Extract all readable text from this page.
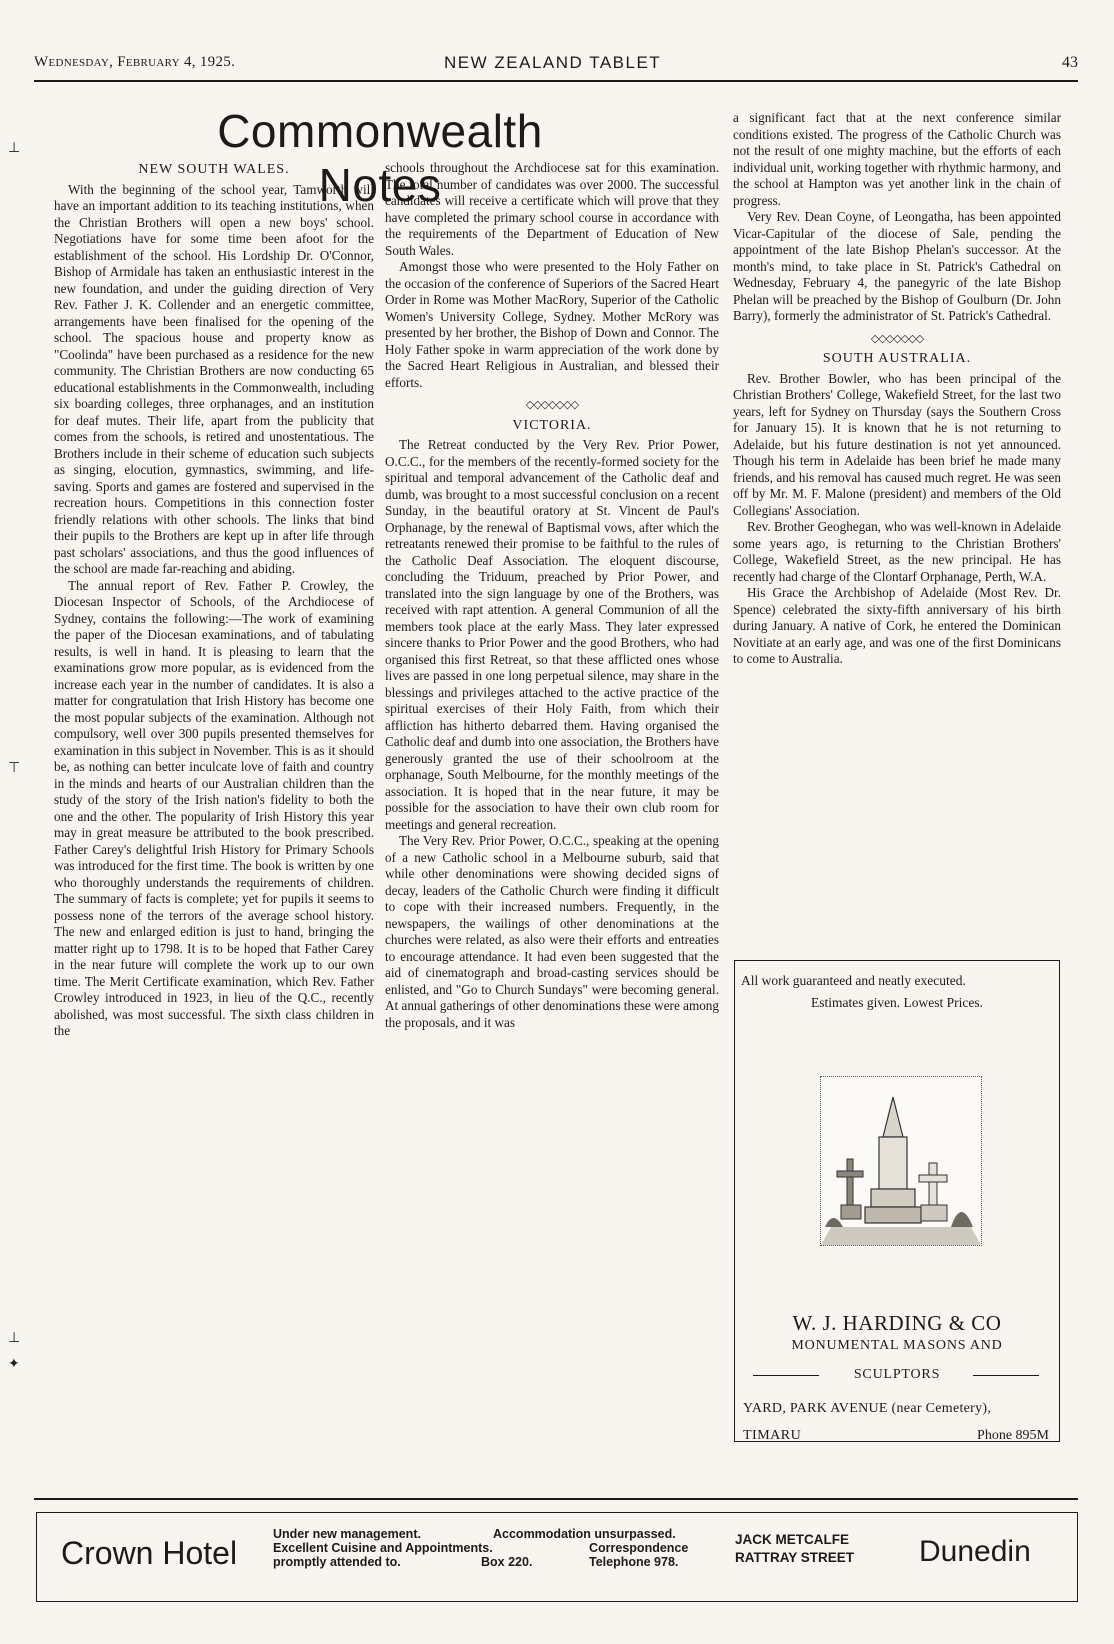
Wednesday, February 4, 1925.	NEW ZEALAND TABLET	43
Commonwealth Notes
⊥
⊤
⊥
✦
NEW SOUTH WALES.

With the beginning of the school year, Tamworth will have an important addition to its teaching institutions, when the Christian Brothers will open a new boys' school. Negotiations have for some time been afoot for the establishment of the school. His Lordship Dr. O'Connor, Bishop of Armidale has taken an enthusiastic interest in the new foundation, and under the guiding direction of Very Rev. Father J. K. Collender and an energetic committee, arrangements have been finalised for the opening of the school. The spacious house and property know as "Coolinda" have been purchased as a residence for the new community. The Christian Brothers are now conducting 65 educational establishments in the Commonwealth, including six boarding colleges, three orphanages, and an institution for deaf mutes. Their life, apart from the publicity that comes from the schools, is retired and unostentatious. The Brothers include in their scheme of education such subjects as singing, elocution, gymnastics, swimming, and life-saving. Sports and games are fostered and supervised in the recreation hours. Competitions in this connection foster friendly relations with other schools. The links that bind their pupils to the Brothers are kept up in after life through past scholars' associations, and thus the good influences of the school are made far-reaching and abiding.

The annual report of Rev. Father P. Crowley, the Diocesan Inspector of Schools, of the Archdiocese of Sydney, contains the following:—The work of examining the paper of the Diocesan examinations, and of tabulating results, is well in hand. It is pleasing to learn that the examinations grow more popular, as is evidenced from the increase each year in the number of candidates. It is also a matter for congratulation that Irish History has become one the most popular subjects of the examination. Although not compulsory, well over 300 pupils presented themselves for examination in this subject in November. This is as it should be, as nothing can better inculcate love of faith and country in the minds and hearts of our Australian children than the study of the story of the Irish nation's fidelity to both the one and the other. The popularity of Irish History this year may in great measure be attributed to the book prescribed. Father Carey's delightful Irish History for Primary Schools was introduced for the first time. The book is written by one who thoroughly understands the requirements of children. The summary of facts is complete; yet for pupils it seems to possess none of the terrors of the average school history. The new and enlarged edition is just to hand, bringing the matter right up to 1798. It is to be hoped that Father Carey in the near future will complete the work up to our own time. The Merit Certificate examination, which Rev. Father Crowley introduced in 1923, in lieu of the Q.C., recently abolished, was most successful. The sixth class children in the

schools throughout the Archdiocese sat for this examination. The total number of candidates was over 2000. The successful candidates will receive a certificate which will prove that they have completed the primary school course in accordance with the requirements of the Department of Education of New South Wales.

Amongst those who were presented to the Holy Father on the occasion of the conference of Superiors of the Sacred Heart Order in Rome was Mother MacRory, Superior of the Catholic Women's University College, Sydney. Mother McRory was presented by her brother, the Bishop of Down and Connor. The Holy Father spoke in warm appreciation of the work done by the Sacred Heart Religious in Australian, and blessed their efforts.

◇◇◇◇◇◇◇
VICTORIA.

The Retreat conducted by the Very Rev. Prior Power, O.C.C., for the members of the recently-formed society for the spiritual and temporal advancement of the Catholic deaf and dumb, was brought to a most successful conclusion on a recent Sunday, in the beautiful oratory at St. Vincent de Paul's Orphanage, by the renewal of Baptismal vows, after which the retreatants renewed their promise to be faithful to the rules of the Catholic Deaf Association. The eloquent discourse, concluding the Triduum, preached by Prior Power, and translated into the sign language by one of the Brothers, was received with rapt attention. A general Communion of all the members took place at the early Mass. They later expressed sincere thanks to Prior Power and the good Brothers, who had organised this first Retreat, so that these afflicted ones whose lives are passed in one long perpetual silence, may share in the blessings and privileges attached to the active practice of the spiritual exercises of their Holy Faith, from which their affliction has hitherto debarred them. Having organised the Catholic deaf and dumb into one association, the Brothers have generously granted the use of their schoolroom at the orphanage, South Melbourne, for the monthly meetings of the association. It is hoped that in the near future, it may be possible for the association to have their own club room for meetings and general recreation.

The Very Rev. Prior Power, O.C.C., speaking at the opening of a new Catholic school in a Melbourne suburb, said that while other denominations were showing decided signs of decay, leaders of the Catholic Church were finding it difficult to cope with their increased numbers. Frequently, in the newspapers, the wailings of other denominations at the churches were related, as also were their efforts and entreaties to encourage attendance. It had even been suggested that the aid of cinematograph and broad-casting services should be enlisted, and "Go to Church Sundays" were becoming general. At annual gatherings of other denominations these were among the proposals, and it was

a significant fact that at the next conference similar conditions existed. The progress of the Catholic Church was not the result of one mighty machine, but the efforts of each individual unit, working together with rhythmic harmony, and the school at Hampton was yet another link in the chain of progress.

Very Rev. Dean Coyne, of Leongatha, has been appointed Vicar-Capitular of the diocese of Sale, pending the appointment of the late Bishop Phelan's successor. At the month's mind, to take place in St. Patrick's Cathedral on Wednesday, February 4, the panegyric of the late Bishop Phelan will be preached by the Bishop of Goulburn (Dr. John Barry), formerly the administrator of St. Patrick's Cathedral.

◇◇◇◇◇◇◇
SOUTH AUSTRALIA.

Rev. Brother Bowler, who has been principal of the Christian Brothers' College, Wakefield Street, for the last two years, left for Sydney on Thursday (says the Southern Cross for January 15). It is known that he is not returning to Adelaide, but his future destination is not yet announced. Though his term in Adelaide has been brief he made many friends, and his removal has caused much regret. He was seen off by Mr. M. F. Malone (president) and members of the Old Collegians' Association.

Rev. Brother Geoghegan, who was well-known in Adelaide some years ago, is returning to the Christian Brothers' College, Wakefield Street, as the new principal. He has recently had charge of the Clontarf Orphanage, Perth, W.A.

His Grace the Archbishop of Adelaide (Most Rev. Dr. Spence) celebrated the sixty-fifth anniversary of his birth during January. A native of Cork, he entered the Dominican Novitiate at an early age, and was one of the first Dominicans to come to Australia.

All work guaranteed and neatly executed.
Estimates given. Lowest Prices.
W. J. HARDING & CO
MONUMENTAL MASONS AND
SCULPTORS
YARD, PARK AVENUE (near Cemetery),
TIMARU	Phone 895M
Crown Hotel
Under new management.
Excellent Cuisine and Appointments.
promptly attended to.
Accommodation unsurpassed.
Correspondence
Box 220.	Telephone 978.
JACK METCALFE
RATTRAY STREET Dunedin
